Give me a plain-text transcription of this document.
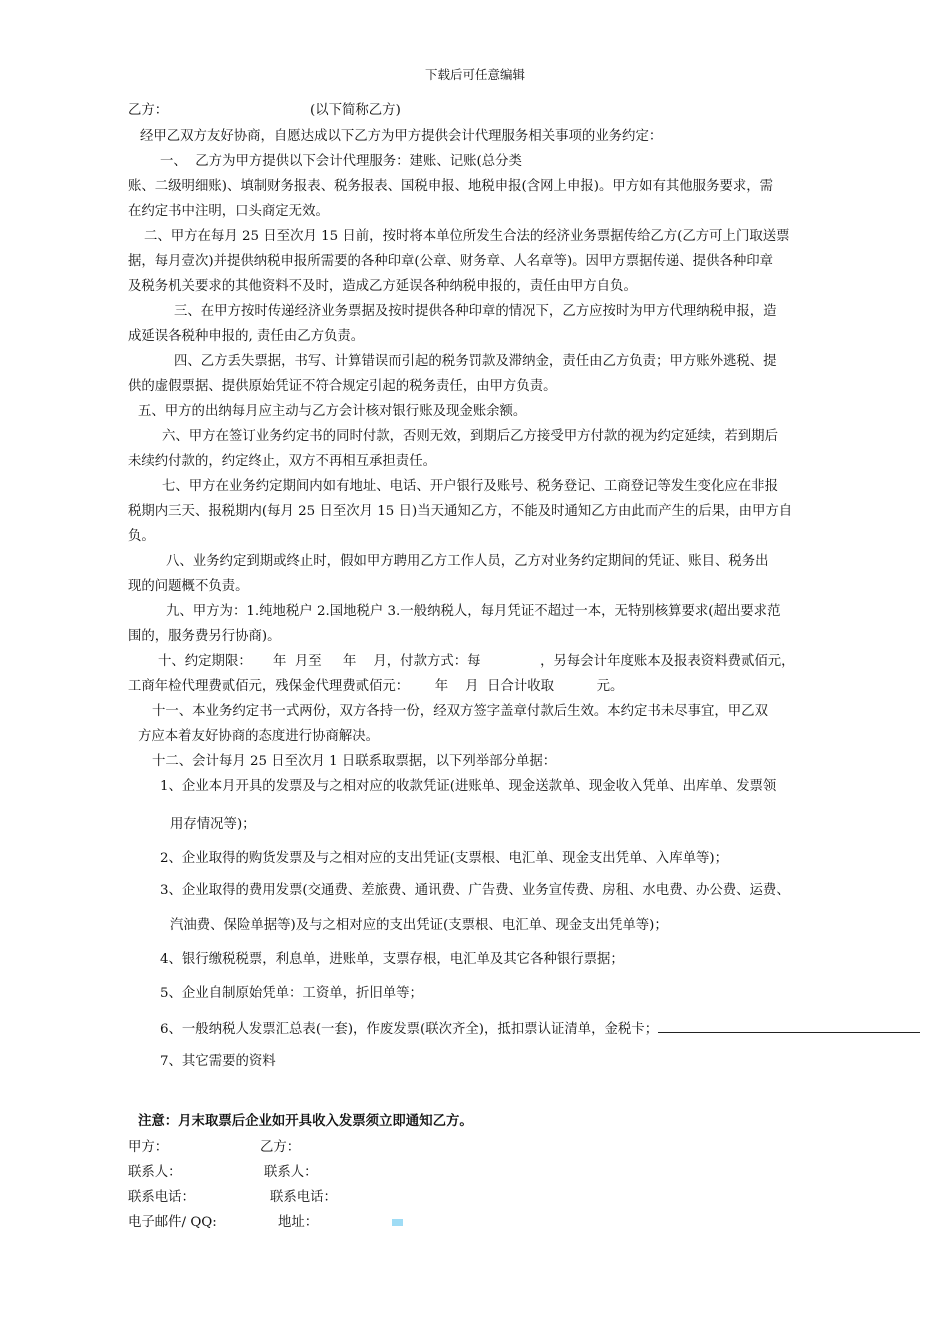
下载后可任意编辑
乙方：	(以下简称乙方)
经甲乙双方友好协商，自愿达成以下乙方为甲方提供会计代理服务相关事项的业务约定：
一、  乙方为甲方提供以下会计代理服务：建账、记账(总分类
账、二级明细账)、填制财务报表、税务报表、国税申报、地税申报(含网上申报)。甲方如有其他服务要求，需
在约定书中注明，口头商定无效。
二、甲方在每月 25 日至次月 15 日前，按时将本单位所发生合法的经济业务票据传给乙方(乙方可上门取送票
据，每月壹次)并提供纳税申报所需要的各种印章(公章、财务章、人名章等)。因甲方票据传递、提供各种印章
及税务机关要求的其他资料不及时，造成乙方延误各种纳税申报的，责任由甲方自负。
三、在甲方按时传递经济业务票据及按时提供各种印章的情况下，乙方应按时为甲方代理纳税申报，造
成延误各税种申报的, 责任由乙方负责。
四、乙方丢失票据，书写、计算错误而引起的税务罚款及滞纳金，责任由乙方负责；甲方账外逃税、提
供的虚假票据、提供原始凭证不符合规定引起的税务责任，由甲方负责。
五、甲方的出纳每月应主动与乙方会计核对银行账及现金账余额。
六、甲方在签订业务约定书的同时付款，否则无效，到期后乙方接受甲方付款的视为约定延续，若到期后
未续约付款的，约定终止，双方不再相互承担责任。
七、甲方在业务约定期间内如有地址、电话、开户银行及账号、税务登记、工商登记等发生变化应在非报
税期内三天、报税期内(每月 25 日至次月 15 日)当天通知乙方，不能及时通知乙方由此而产生的后果，由甲方自
负。
八、业务约定到期或终止时，假如甲方聘用乙方工作人员，乙方对业务约定期间的凭证、账目、税务出
现的问题概不负责。
九、甲方为：1.纯地税户 2.国地税户 3.一般纳税人，每月凭证不超过一本，无特别核算要求(超出要求范
围的，服务费另行协商)。
十、约定期限：     年  月至     年    月，付款方式：每              ，另每会计年度账本及报表资料费贰佰元，
工商年检代理费贰佰元，残保金代理费贰佰元：      年    月  日合计收取          元。
十一、本业务约定书一式两份，双方各持一份，经双方签字盖章付款后生效。本约定书未尽事宜，甲乙双
方应本着友好协商的态度进行协商解决。
十二、会计每月 25 日至次月 1 日联系取票据，以下列举部分单据：
1、企业本月开具的发票及与之相对应的收款凭证(进账单、现金送款单、现金收入凭单、出库单、发票领
用存情况等)；
2、企业取得的购货发票及与之相对应的支出凭证(支票根、电汇单、现金支出凭单、入库单等)；
3、企业取得的费用发票(交通费、差旅费、通讯费、广告费、业务宣传费、房租、水电费、办公费、运费、
汽油费、保险单据等)及与之相对应的支出凭证(支票根、电汇单、现金支出凭单等)；
4、银行缴税税票，利息单，进账单，支票存根，电汇单及其它各种银行票据；
5、企业自制原始凭单：工资单，折旧单等；
6、一般纳税人发票汇总表(一套)，作废发票(联次齐全)，抵扣票认证清单，金税卡；
7、其它需要的资料
注意：月末取票后企业如开具收入发票须立即通知乙方。
甲方：	乙方：
联系人：	联系人：
联系电话：	联系电话：
电子邮件/ QQ:	地址：
